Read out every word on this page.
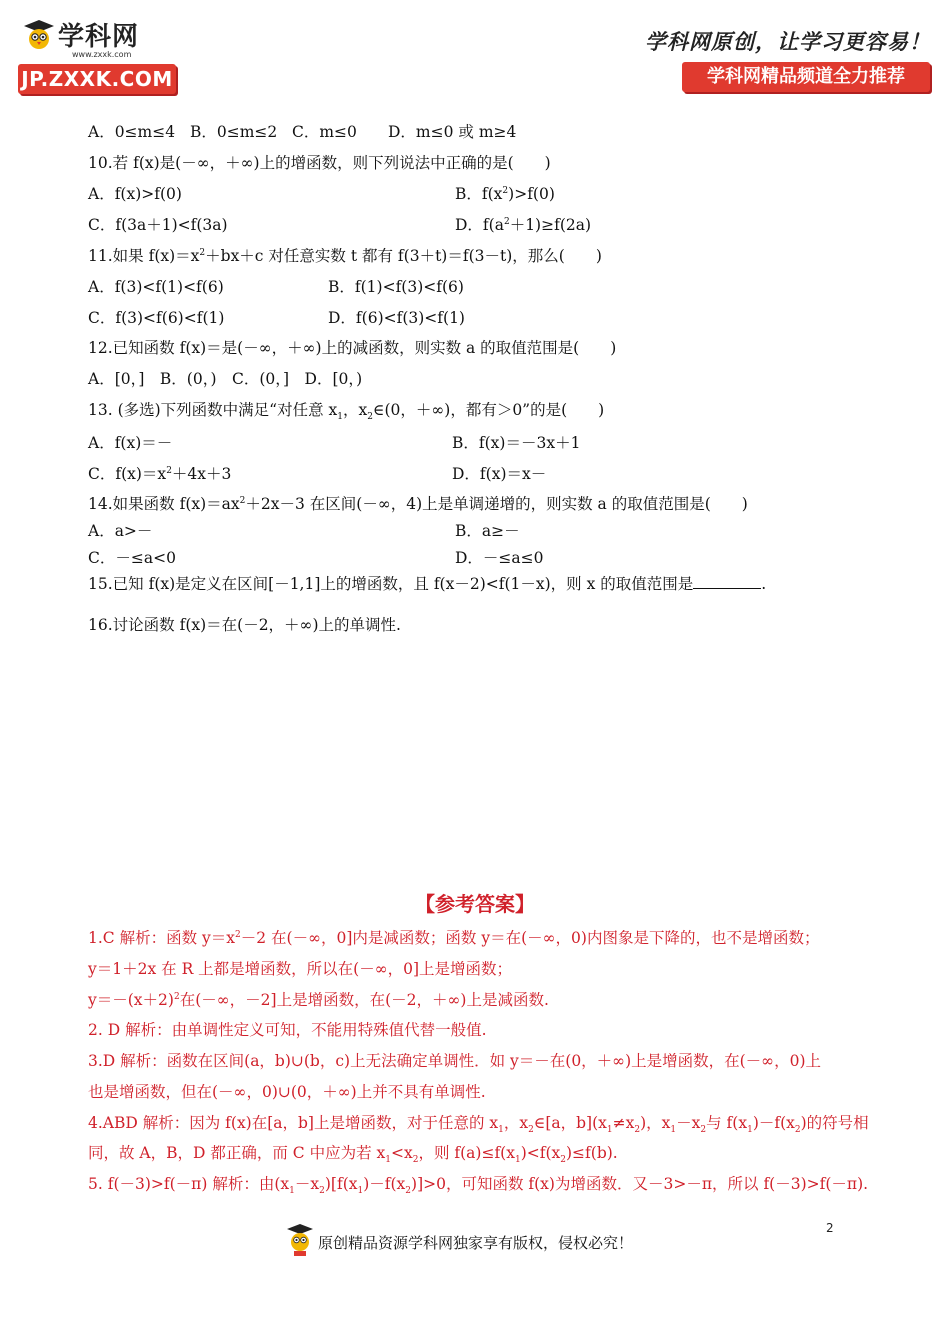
学科网
www.zxxk.com
JP.ZXXK.COM
学科网原创，让学习更容易！
学科网精品频道全力推荐
A．0≤m≤4 B．0≤m≤2 C．m≤0 D．m≤0 或 m≥4
10.若 f(x)是(－∞，＋∞)上的增函数，则下列说法中正确的是(　　)
A．f(x)>f(0)	B．$f(x^2)>f(0)$
C．f(3a＋1)<f(3a)	D．$f(a^2+1)\ge f(2a)$
11.如果 $f(x)=x^2+bx+c$ 对任意实数 t 都有 f(3＋t)＝f(3－t)，那么(　　)
A．f(3)<f(1)<f(6)	B．f(1)<f(3)<f(6)
C．f(3)<f(6)<f(1)	D．f(6)<f(3)<f(1)
12.已知函数 f(x)＝是(－∞，＋∞)上的减函数，则实数 a 的取值范围是(　　)
A．[0，]　B．(0，)　C．(0，]　D．[0，)
13. (多选)下列函数中满足“对任意 $x_1$，$x_2\in(0$，＋∞)，都有＞0”的是(　　)
A．f(x)＝－	B．f(x)＝－3x＋1
C．$f(x)=x^2+4x+3$	D．f(x)＝x－
14.如果函数 $f(x)=ax^2+2x-3$ 在区间(－∞，4)上是单调递增的，则实数 a 的取值范围是(　　)
A．a>－	B．a≥－
C．－≤a<0	D．－≤a≤0
15.已知 f(x)是定义在区间[－1,1]上的增函数，且 f(x－2)<f(1－x)，则 x 的取值范围是	.
16.讨论函数 f(x)＝在(－2，＋∞)上的单调性.
【参考答案】
1.C 解析：函数 $y=x^2-2$ 在(－∞，0]内是减函数；函数 y＝在(－∞，0)内图象是下降的，也不是增函数；
y＝1＋2x 在 R 上都是增函数，所以在(－∞，0]上是增函数；
$y=-(x+2)^2$在(－∞，－2]上是增函数，在(－2，＋∞)上是减函数.
2. D 解析：由单调性定义可知，不能用特殊值代替一般值.
3.D 解析：函数在区间(a，b)∪(b，c)上无法确定单调性．如 y＝－在(0，＋∞)上是增函数，在(－∞，0)上
也是增函数，但在(－∞，0)∪(0，＋∞)上并不具有单调性.
4.ABD 解析：因为 f(x)在[a，b]上是增函数，对于任意的 $x_1$，$x_2\in[a$，$b](x_1\ne x_2)$，$x_1-x_2$与 $f(x_1)-f(x_2)$的符号相
同，故 A，B，D 都正确，而 C 中应为若 $x_1<x_2$，则 $f(a)\le f(x_1)<f(x_2)\le f(b)$.
5. f(－3)>f(－π) 解析：由$(x_1-x_2)[f(x_1)-f(x_2)]>0$，可知函数 f(x)为增函数．又－3>－π，所以 f(－3)>f(－π).
原创精品资源学科网独家享有版权，侵权必究！
2
